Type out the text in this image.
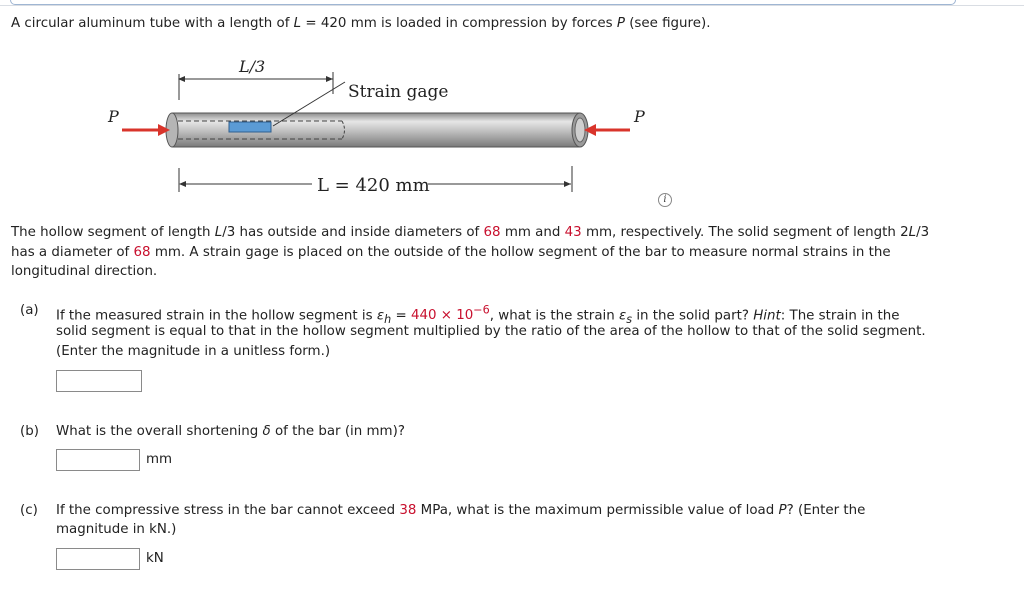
A circular aluminum tube with a length of L = 420 mm is loaded in compression by forces P (see figure).
L/3
Strain gage
P	P
L = 420 mm
i
The hollow segment of length L/3 has outside and inside diameters of 68 mm and 43 mm, respectively. The solid segment of length 2L/3
has a diameter of 68 mm. A strain gage is placed on the outside of the hollow segment of the bar to measure normal strains in the
longitudinal direction.
(a) If the measured strain in the hollow segment is $\varepsilon_h = 440 \times 10^{-6}$, what is the strain $\varepsilon_s$ in the solid part? Hint: The strain in the
solid segment is equal to that in the hollow segment multiplied by the ratio of the area of the hollow to that of the solid segment.
(Enter the magnitude in a unitless form.)
(b) What is the overall shortening δ of the bar (in mm)?
mm
(c) If the compressive stress in the bar cannot exceed 38 MPa, what is the maximum permissible value of load P? (Enter the
magnitude in kN.)
kN
